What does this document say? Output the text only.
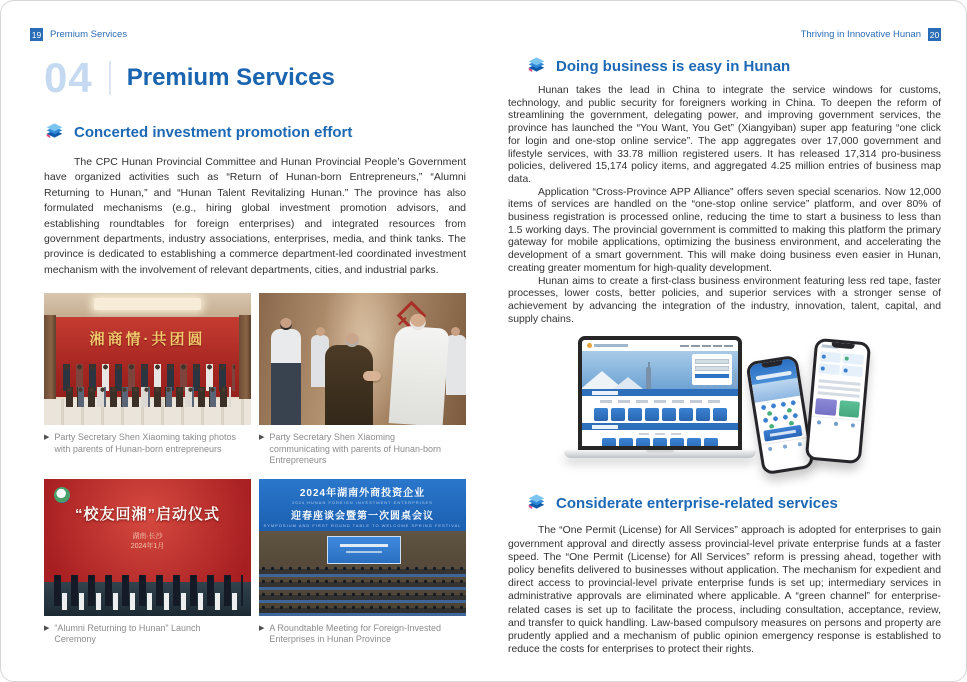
19 Premium Services
04 Premium Services
Concerted investment promotion effort

The CPC Hunan Provincial Committee and Hunan Provincial People’s Government have organized activities such as “Return of Hunan-born Entrepreneurs,” “Alumni Returning to Hunan,” and “Hunan Talent Revitalizing Hunan.” The province has also formulated mechanisms (e.g., hiring global investment promotion advisors, and establishing roundtables for foreign enterprises) and integrated resources from government departments, industry associations, enterprises, media, and think tanks. The province is dedicated to establishing a commerce department-led coordinated investment mechanism with the involvement of relevant departments, cities, and industrial parks.

湘商情·共团圆
▶ Party Secretary Shen Xiaoming taking photos with parents of Hunan-born entrepreneurs
▶ Party Secretary Shen Xiaoming communicating with parents of Hunan-born Entrepreneurs
“校友回湘”启动仪式
湖南·长沙
2024年1月
▶ “Alumni Returning to Hunan” Launch Ceremony
2024年湖南外商投资企业
2024 HUNAN FOREIGN INVESTMENT ENTERPRISES
迎春座谈会暨第一次圆桌会议
SYMPOSIUM AND FIRST ROUND TABLE TO WELCOME SPRING FESTIVAL
▶ A Roundtable Meeting for Foreign-Invested Enterprises in Hunan Province
Thriving in Innovative Hunan 20
Doing business is easy in Hunan

Hunan takes the lead in China to integrate the service windows for customs, technology, and public security for foreigners working in China. To deepen the reform of streamlining the government, delegating power, and improving government services, the province has launched the “You Want, You Get” (Xiangyiban) super app featuring “one click for login and one-stop online service”. The app aggregates over 17,000 government and lifestyle services, with 33.78 million registered users. It has released 17,314 pro-business policies, delivered 15,174 policy items, and aggregated 4.25 million entries of business map data.

Application “Cross-Province APP Alliance” offers seven special scenarios. Now 12,000 items of services are handled on the “one-stop online service” platform, and over 80% of business registration is processed online, reducing the time to start a business to less than 1.5 working days. The provincial government is committed to making this platform the primary gateway for mobile applications, optimizing the business environment, and accelerating the development of a smart government. This will make doing business even easier in Hunan, creating greater momentum for high-quality development.

Hunan aims to create a first-class business environment featuring less red tape, faster processes, lower costs, better policies, and superior services with a stronger sense of achievement by advancing the integration of the industry, innovation, talent, capital, and supply chains.

Considerate enterprise-related services

The “One Permit (License) for All Services” approach is adopted for enterprises to gain government approval and directly assess provincial-level private enterprise funds at a faster speed. The “One Permit (License) for All Services” reform is pressing ahead, together with policy benefits delivered to businesses without application. The mechanism for expedient and direct access to provincial-level private enterprise funds is set up; intermediary services in administrative approvals are eliminated where applicable. A “green channel” for enterprise-related cases is set up to facilitate the process, including consultation, acceptance, review, and transfer to quick handling. Law-based compulsory measures on persons and property are prudently applied and a mechanism of public opinion emergency response is established to reduce the costs for enterprises to protect their rights.
